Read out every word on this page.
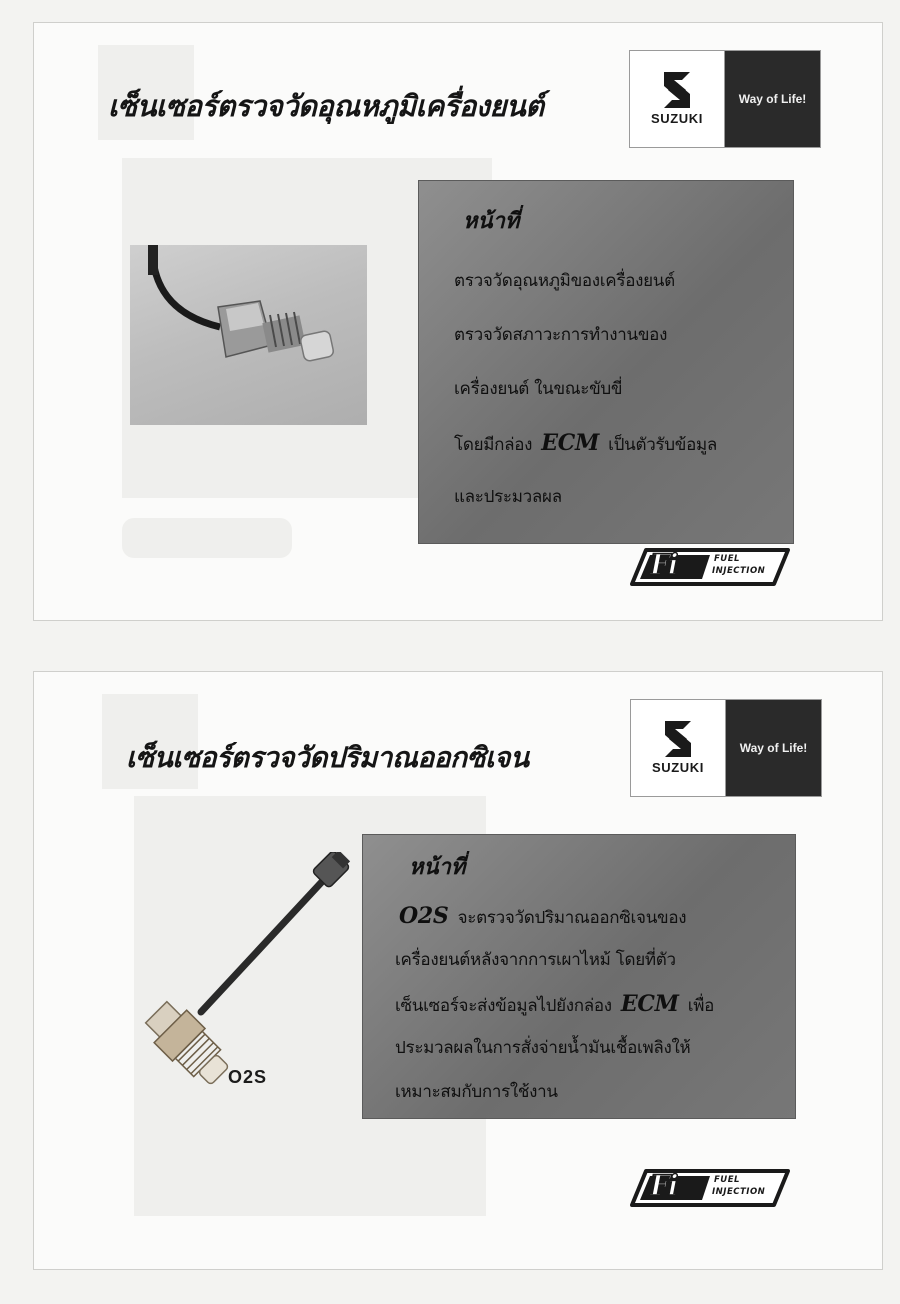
เซ็นเซอร์ตรวจวัดอุณหภูมิเครื่องยนต์	SUZUKI
Way of Life!
หน้าที่
ตรวจวัดอุณหภูมิของเครื่องยนต์
ตรวจวัดสภาวะการทำงานของ
เครื่องยนต์ ในขณะขับขี่
โดยมีกล่อง ECM เป็นตัวรับข้อมูล
และประมวลผล
Fi	FUEL
INJECTION
เซ็นเซอร์ตรวจวัดปริมาณออกซิเจน	SUZUKI
Way of Life!
O2S
หน้าที่
O2S จะตรวจวัดปริมาณออกซิเจนของ
เครื่องยนต์หลังจากการเผาไหม้ โดยที่ตัว
เซ็นเซอร์จะส่งข้อมูลไปยังกล่อง ECM เพื่อ
ประมวลผลในการสั่งจ่ายน้ำมันเชื้อเพลิงให้
เหมาะสมกับการใช้งาน
Fi	FUEL
INJECTION
